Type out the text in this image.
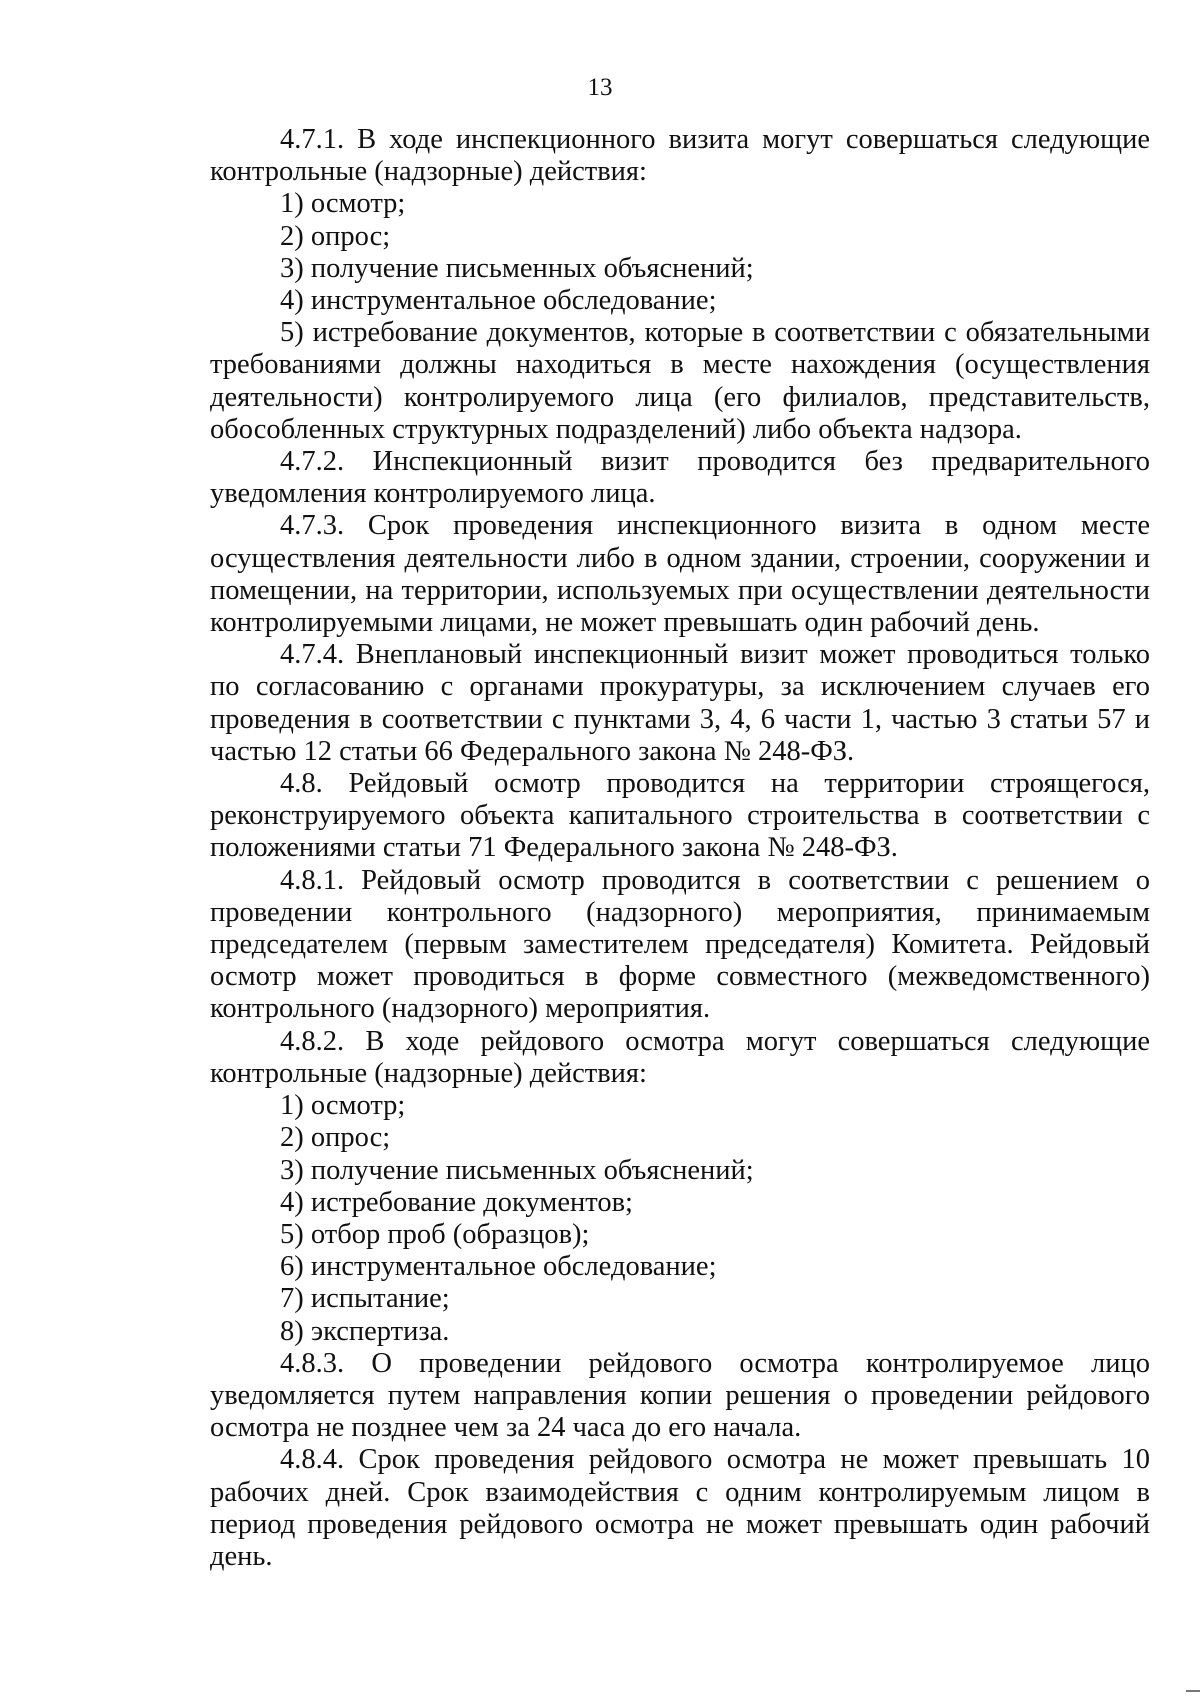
13

4.7.1. В ходе инспекционного визита могут совершаться следующие контрольные (надзорные) действия:

1) осмотр;

2) опрос;

3) получение письменных объяснений;

4) инструментальное обследование;

5) истребование документов, которые в соответствии с обязательными требованиями должны находиться в месте нахождения (осуществления деятельности) контролируемого лица (его филиалов, представительств, обособленных структурных подразделений) либо объекта надзора.

4.7.2. Инспекционный визит проводится без предварительного уведомления контролируемого лица.

4.7.3. Срок проведения инспекционного визита в одном месте осуществления деятельности либо в одном здании, строении, сооружении и помещении, на территории, используемых при осуществлении деятельности контролируемыми лицами, не может превышать один рабочий день.

4.7.4. Внеплановый инспекционный визит может проводиться только по согласованию с органами прокуратуры, за исключением случаев его проведения в соответствии с пунктами 3, 4, 6 части 1, частью 3 статьи 57 и частью 12 статьи 66 Федерального закона № 248-ФЗ.

4.8. Рейдовый осмотр проводится на территории строящегося, реконструируемого объекта капитального строительства в соответствии с положениями статьи 71 Федерального закона № 248-ФЗ.

4.8.1. Рейдовый осмотр проводится в соответствии с решением о проведении контрольного (надзорного) мероприятия, принимаемым председателем (первым заместителем председателя) Комитета. Рейдовый осмотр может проводиться в форме совместного (межведомственного) контрольного (надзорного) мероприятия.

4.8.2. В ходе рейдового осмотра могут совершаться следующие контрольные (надзорные) действия:

1) осмотр;

2) опрос;

3) получение письменных объяснений;

4) истребование документов;

5) отбор проб (образцов);

6) инструментальное обследование;

7) испытание;

8) экспертиза.

4.8.3. О проведении рейдового осмотра контролируемое лицо уведомляется путем направления копии решения о проведении рейдового осмотра не позднее чем за 24 часа до его начала.

4.8.4. Срок проведения рейдового осмотра не может превышать 10 рабочих дней. Срок взаимодействия с одним контролируемым лицом в период проведения рейдового осмотра не может превышать один рабочий день.
